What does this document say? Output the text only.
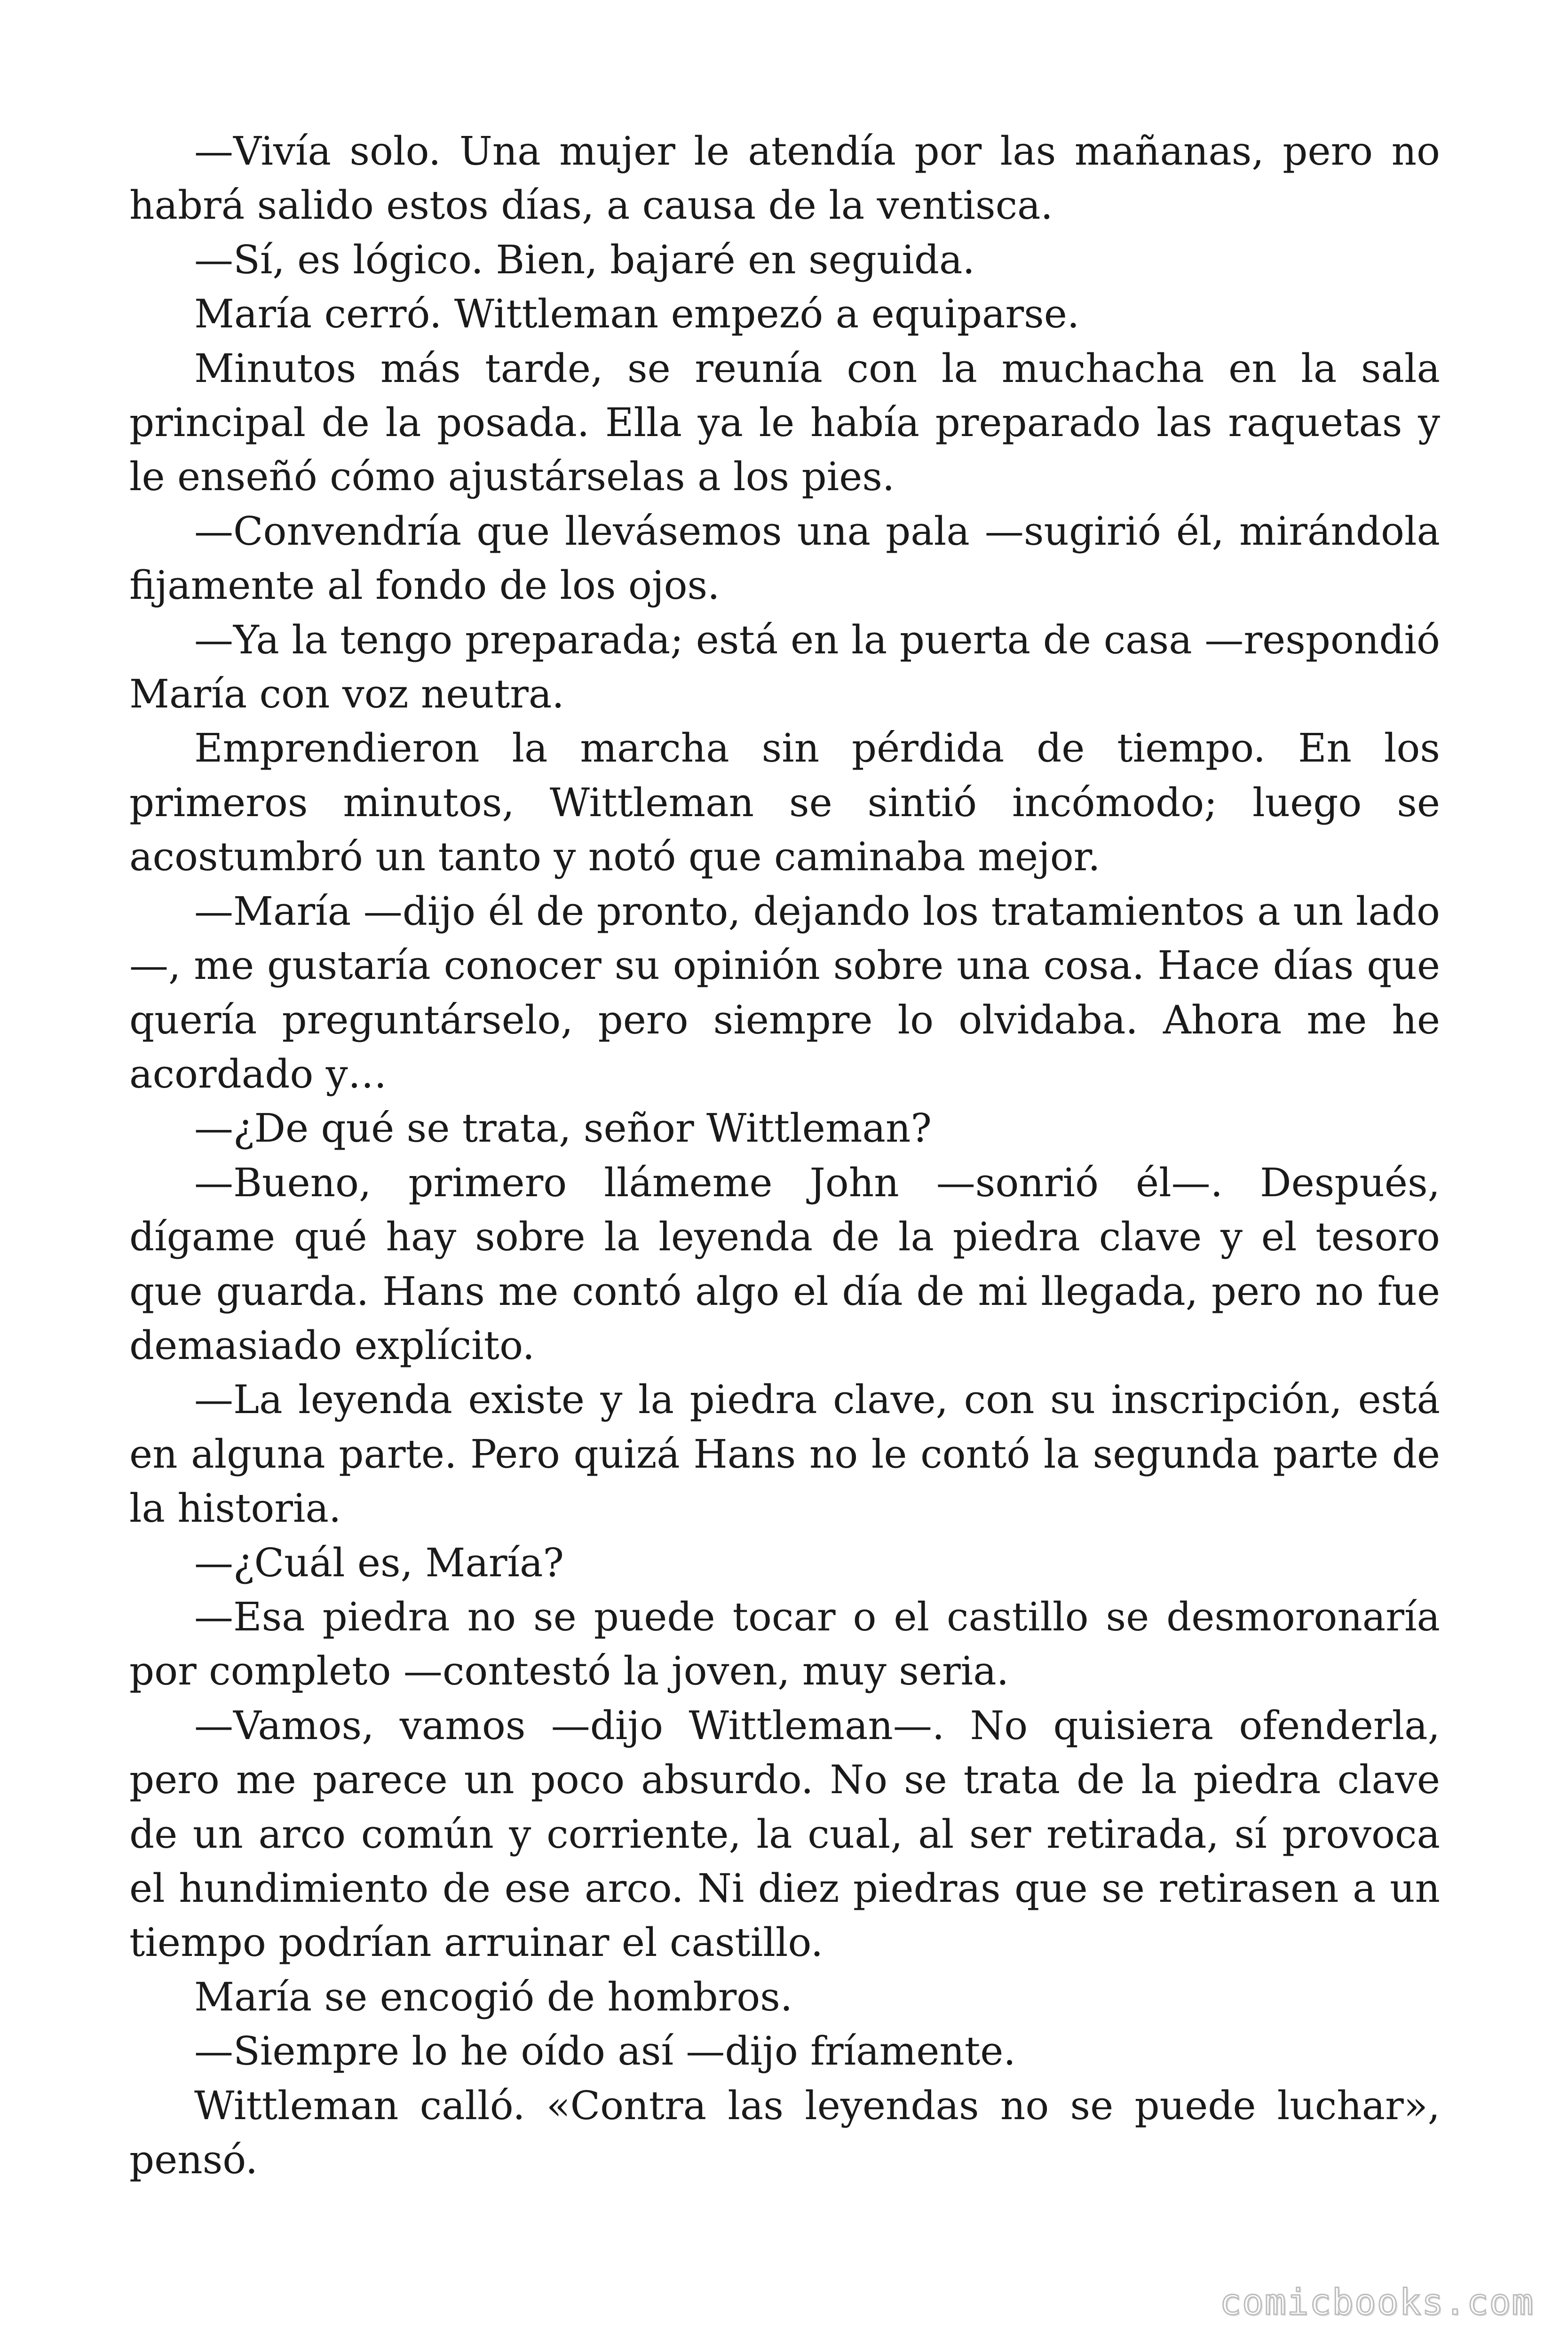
—Vivía solo. Una mujer le atendía por las mañanas, pero no habrá salido estos días, a causa de la ventisca.

—Sí, es lógico. Bien, bajaré en seguida.

María cerró. Wittleman empezó a equiparse.

Minutos más tarde, se reunía con la muchacha en la sala principal de la posada. Ella ya le había preparado las raquetas y le enseñó cómo ajustárselas a los pies.

—Convendría que llevásemos una pala —sugirió él, mirándola fijamente al fondo de los ojos.

—Ya la tengo preparada; está en la puerta de casa —respondió María con voz neutra.

Emprendieron la marcha sin pérdida de tiempo. En los primeros minutos, Wittleman se sintió incómodo; luego se acostumbró un tanto y notó que caminaba mejor.

—María —dijo él de pronto, dejando los tratamientos a un lado —, me gustaría conocer su opinión sobre una cosa. Hace días que quería preguntárselo, pero siempre lo olvidaba. Ahora me he acordado y…

—¿De qué se trata, señor Wittleman?

—Bueno, primero llámeme John —sonrió él—. Después, dígame qué hay sobre la leyenda de la piedra clave y el tesoro que guarda. Hans me contó algo el día de mi llegada, pero no fue demasiado explícito.

—La leyenda existe y la piedra clave, con su inscripción, está en alguna parte. Pero quizá Hans no le contó la segunda parte de la historia.

—¿Cuál es, María?

—Esa piedra no se puede tocar o el castillo se desmoronaría por completo —contestó la joven, muy seria.

—Vamos, vamos —dijo Wittleman—. No quisiera ofenderla, pero me parece un poco absurdo. No se trata de la piedra clave de un arco común y corriente, la cual, al ser retirada, sí provoca el hundimiento de ese arco. Ni diez piedras que se retirasen a un tiempo podrían arruinar el castillo.

María se encogió de hombros.

—Siempre lo he oído así —dijo fríamente.

Wittleman calló. «Contra las leyendas no se puede luchar», pensó.

comicbooks.com
